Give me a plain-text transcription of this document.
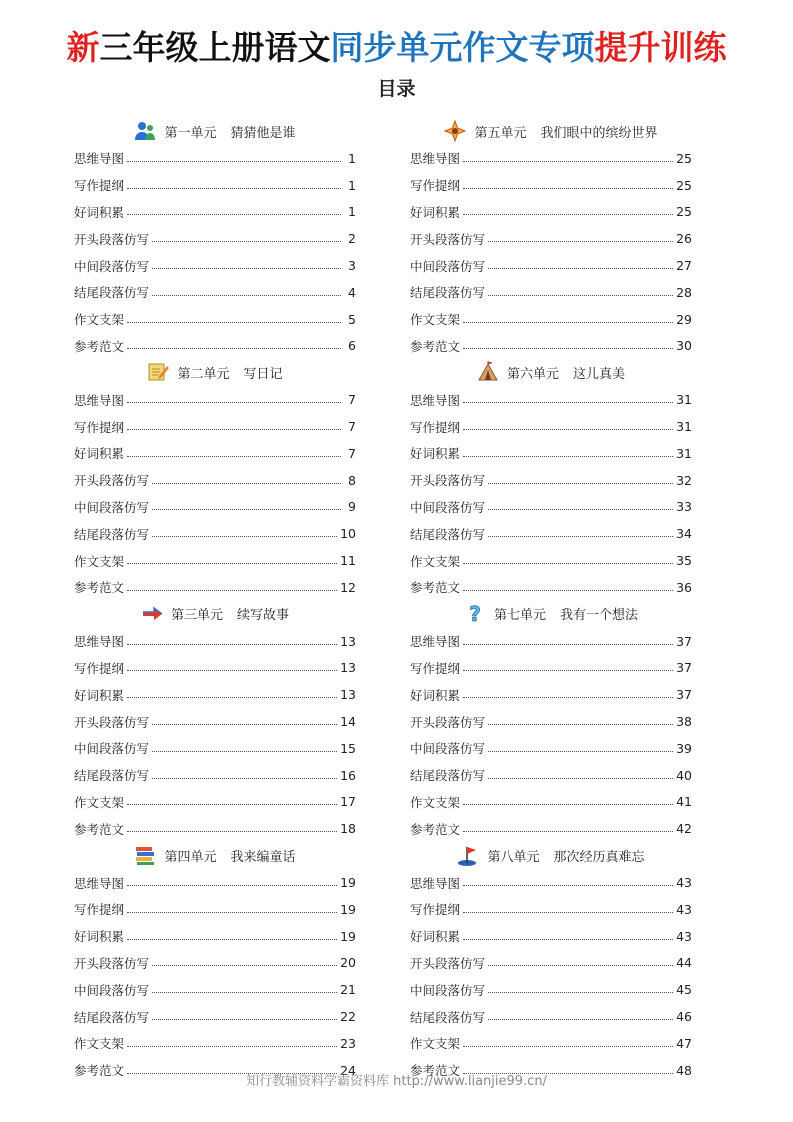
新三年级上册语文同步单元作文专项提升训练
目录
第一单元 猜猜他是谁
思维导图	1
写作提纲	1
好词积累	1
开头段落仿写	2
中间段落仿写	3
结尾段落仿写	4
作文支架	5
参考范文	6
第二单元 写日记
思维导图	7
写作提纲	7
好词积累	7
开头段落仿写	8
中间段落仿写	9
结尾段落仿写	10
作文支架	11
参考范文	12
第三单元 续写故事
思维导图	13
写作提纲	13
好词积累	13
开头段落仿写	14
中间段落仿写	15
结尾段落仿写	16
作文支架	17
参考范文	18
第四单元 我来编童话
思维导图	19
写作提纲	19
好词积累	19
开头段落仿写	20
中间段落仿写	21
结尾段落仿写	22
作文支架	23
参考范文	24
第五单元 我们眼中的缤纷世界
思维导图	25
写作提纲	25
好词积累	25
开头段落仿写	26
中间段落仿写	27
结尾段落仿写	28
作文支架	29
参考范文	30
第六单元 这儿真美
思维导图	31
写作提纲	31
好词积累	31
开头段落仿写	32
中间段落仿写	33
结尾段落仿写	34
作文支架	35
参考范文	36
? 第七单元 我有一个想法
思维导图	37
写作提纲	37
好词积累	37
开头段落仿写	38
中间段落仿写	39
结尾段落仿写	40
作文支架	41
参考范文	42
第八单元 那次经历真难忘
思维导图	43
写作提纲	43
好词积累	43
开头段落仿写	44
中间段落仿写	45
结尾段落仿写	46
作文支架	47
参考范文	48
知行教辅资料学霸资料库 http://www.lianjie99.cn/
